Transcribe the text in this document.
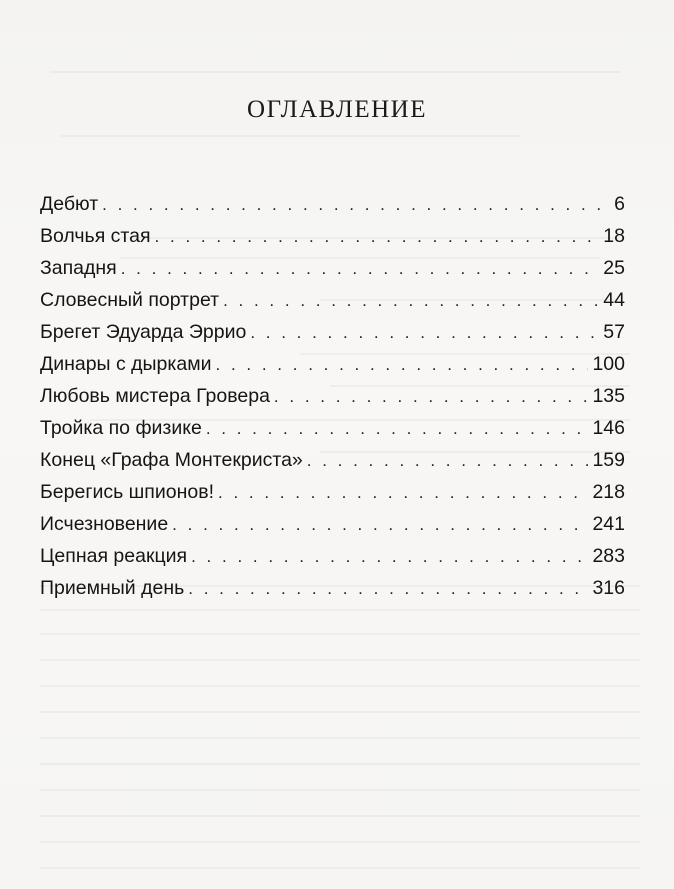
ОГЛАВЛЕНИЕ
Дебют . . .	6
Волчья стая . . .	18
Западня . . .	25
Словесный портрет . . .	44
Брегет Эдуарда Эррио . . .	57
Динары с дырками . . .	100
Любовь мистера Гровера . . .	135
Тройка по физике . . .	146
Конец «Графа Монтекриста» . . .	159
Берегись шпионов! . . .	218
Исчезновение . . .	241
Цепная реакция . . .	283
Приемный день . . .	316
